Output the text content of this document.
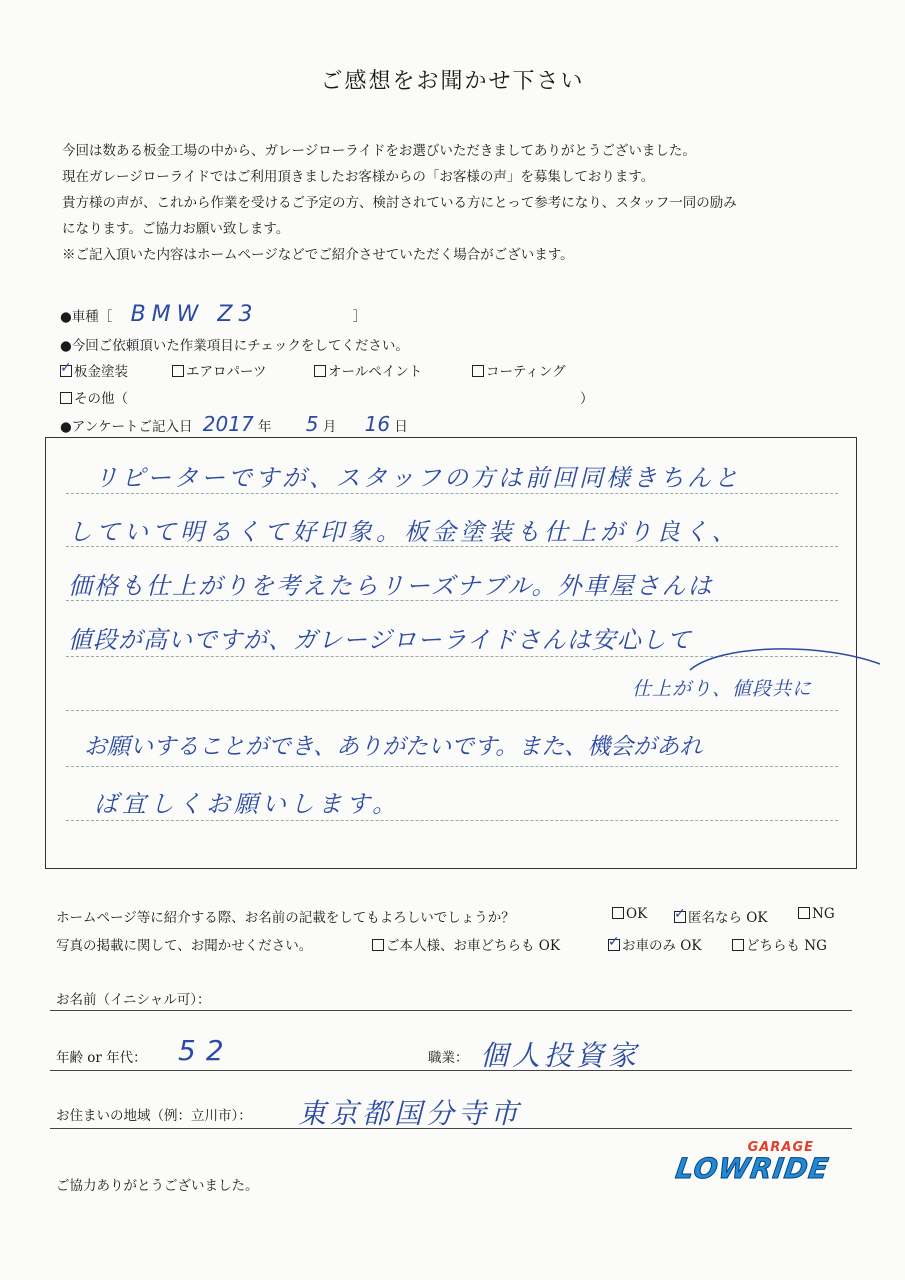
ご感想をお聞かせ下さい
今回は数ある板金工場の中から、ガレージローライドをお選びいただきましてありがとうございました。
現在ガレージローライドではご利用頂きましたお客様からの「お客様の声」を募集しております。
貴方様の声が、これから作業を受けるご予定の方、検討されている方にとって参考になり、スタッフ一同の励み
になります。ご協力お願い致します。
※ご記入頂いた内容はホームページなどでご紹介させていただく場合がございます。
●車種［ BMW Z3	］
●今回ご依頼頂いた作業項目にチェックをしてください。
✓ 板金塗装	エアロパーツ	オールペイント	コーティング
その他（	）
●アンケートご記入日 2017 年 5 月 16 日
リピーターですが、スタッフの方は前回同様きちんと
していて明るくて好印象。板金塗装も仕上がり良く、
価格も仕上がりを考えたらリーズナブル。外車屋さんは
値段が高いですが、ガレージローライドさんは安心して
仕上がり、値段共に
お願いすることができ、ありがたいです。また、機会があれ
ば宜しくお願いします。
ホームページ等に紹介する際、お名前の記載をしてもよろしいでしょうか？	OK ✓ 匿名なら OK	NG
写真の掲載に関して、お聞かせください。	ご本人様、お車どちらも OK	✓ お車のみ OK	どちらも NG
お名前（イニシャル可）：
年齢 or 年代： 52	職業： 個人投資家
お住まいの地域（例：立川市）： 東京都国分寺市
ご協力ありがとうございました。
GARAGE
LOWRIDE
